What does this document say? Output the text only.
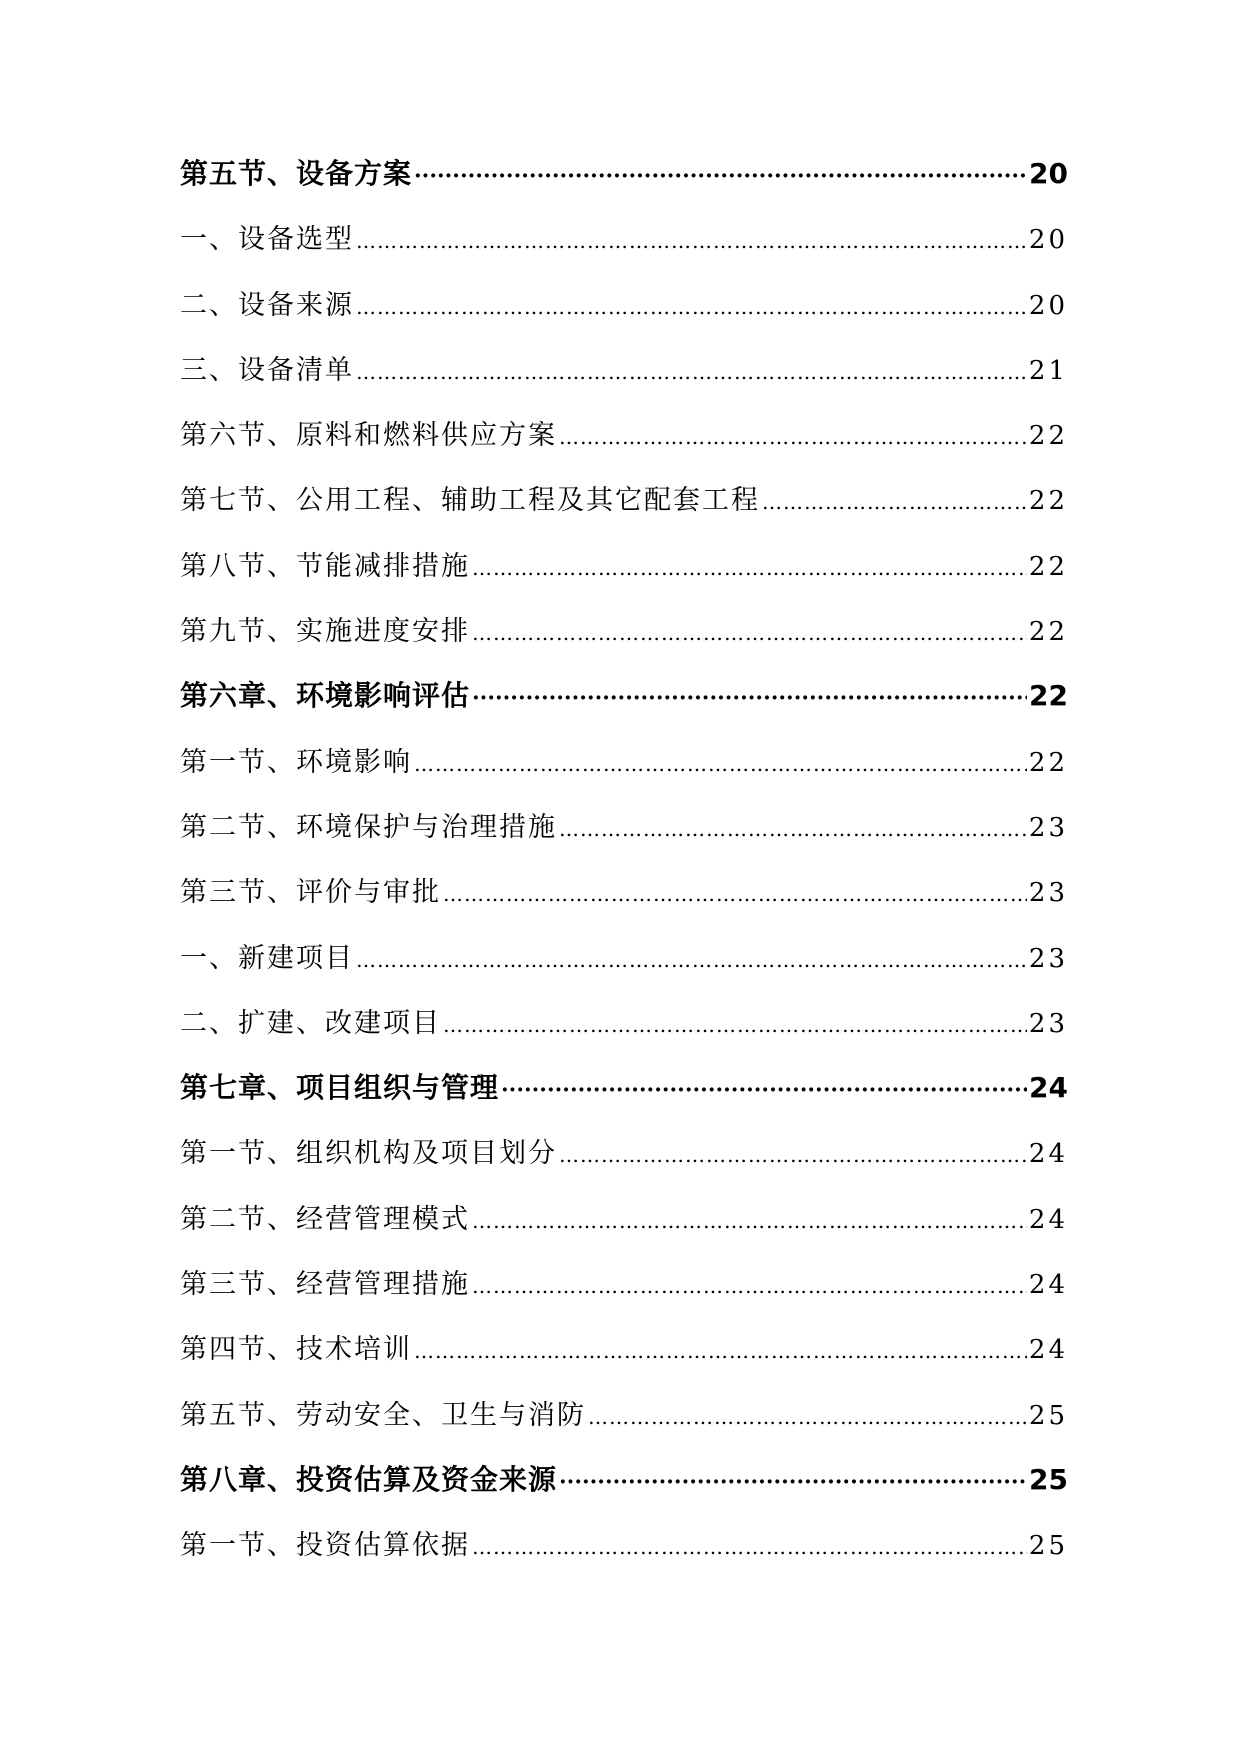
第五节、设备方案 ·····	20
一、设备选型 …………………………………………………………………………………………………………………………………………………………	20
二、设备来源 …………………………………………………………………………………………………………………………………………………………	20
三、设备清单 …………………………………………………………………………………………………………………………………………………………	21
第六节、原料和燃料供应方案 …………………………………………………………………………………………………………………………………………………………	22
第七节、公用工程、辅助工程及其它配套工程 …………………………………………………………………………………………………………………………………………………………	22
第八节、节能减排措施 …………………………………………………………………………………………………………………………………………………………	22
第九节、实施进度安排 …………………………………………………………………………………………………………………………………………………………	22
第六章、环境影响评估 ·····	22
第一节、环境影响 …………………………………………………………………………………………………………………………………………………………	22
第二节、环境保护与治理措施 …………………………………………………………………………………………………………………………………………………………	23
第三节、评价与审批 …………………………………………………………………………………………………………………………………………………………	23
一、新建项目 …………………………………………………………………………………………………………………………………………………………	23
二、扩建、改建项目 …………………………………………………………………………………………………………………………………………………………	23
第七章、项目组织与管理 ·····	24
第一节、组织机构及项目划分 …………………………………………………………………………………………………………………………………………………………	24
第二节、经营管理模式 …………………………………………………………………………………………………………………………………………………………	24
第三节、经营管理措施 …………………………………………………………………………………………………………………………………………………………	24
第四节、技术培训 …………………………………………………………………………………………………………………………………………………………	24
第五节、劳动安全、卫生与消防 …………………………………………………………………………………………………………………………………………………………	25
第八章、投资估算及资金来源 ·····	25
第一节、投资估算依据 …………………………………………………………………………………………………………………………………………………………	25
